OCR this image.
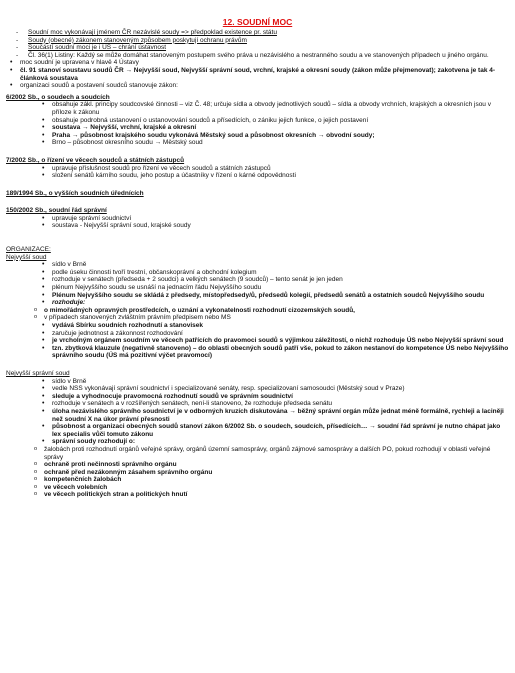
12. SOUDNÍ MOC
- Soudní moc vykonávají jménem ČR nezávislé soudy => předpoklad existence pr. státu
- Soudy (obecné) zákonem stanoveným způsobem poskytují ochranu právům
- Součástí soudní moci je i ÚS – chrání ústavnost
- Čl. 36(1) Listiny: Každý se může domáhat stanoveným postupem svého práva u nezávislého a nestranného soudu a ve stanovených případech u jiného orgánu.
• moc soudní je upravena v hlavě 4 Ústavy
• čl. 91 stanoví soustavu soudů ČR → Nejvyšší soud, Nejvyšší správní soud, vrchní, krajské a okresní soudy (zákon může přejmenovat); zakotvena je tak 4-článková soustava
• organizaci soudů a postavení soudců stanovuje zákon:
6/2002 Sb., o soudech a soudcích
• obsahuje zákl. principy soudcovské činnosti – viz Č. 48; určuje sídla a obvody jednotlivých soudů – sídla a obvody vrchních, krajských a okresních jsou v příloze k zákonu
• obsahuje podrobná ustanovení o ustanovování soudců a přísedících, o zániku jejich funkce, o jejich postavení
• soustava → Nejvyšší, vrchní, krajské a okresní
• Praha → působnost krajského soudu vykonává Městský soud a působnost okresních → obvodní soudy;
• Brno – působnost okresního soudu → Městský soud
7/2002 Sb., o řízení ve věcech soudců a státních zástupců
• upravuje příslušnost soudů pro řízení ve věcech soudců a státních zástupců
• složení senátů kárního soudu, jeho postup a účastníky v řízení o kárné odpovědnosti
189/1994 Sb., o vyšších soudních úřednících
150/2002 Sb., soudní řád správní
• upravuje správní soudnictví
• soustava - Nejvyšší správní soud, krajské soudy
ORGANIZACE:
Nejvyšší soud
• sídlo v Brně
• podle úseku činnosti tvoří trestní, občanskoprávní a obchodní kolegium
• rozhoduje v senátech (předseda + 2 soudci) a velkých senátech (9 soudců) – tento senát je jen jeden
• plénum Nejvyššího soudu se usnáší na jednacím řádu Nejvyššího soudu
• Plénum Nejvyššího soudu se skládá z předsedy, místopředsedy/ů, předsedů kolegií, předsedů senátů a ostatních soudců Nejvyššího soudu
• rozhoduje:
o o mimořádných opravných prostředcích, o uznání a vykonatelnosti rozhodnutí cizozemských soudů,
o v případech stanovených zvláštním právním předpisem nebo MS
• vydává Sbírku soudních rozhodnutí a stanovisek
• zaručuje jednotnost a zákonnost rozhodování
• je vrcholným orgánem soudním ve věcech patřících do pravomoci soudů s výjimkou záležitostí, o nichž rozhoduje ÚS nebo Nejvyšší správní soud
• tzn. zbytková klauzule (negativně stanoveno) – do oblasti obecných soudů patří vše, pokud to zákon nestanoví do kompetence ÚS nebo Nejvyššího správního soudu (ÚS má pozitivní výčet pravomocí)
Nejvyšší správní soud
• sídlo v Brně
• vedle NSS vykonávají správní soudnictví i specializované senáty, resp. specializovaní samosoudci (Městský soud v Praze)
• sleduje a vyhodnocuje pravomocná rozhodnutí soudů ve správním soudnictví
• rozhoduje v senátech a v rozšířených senátech, není-li stanoveno, že rozhoduje předseda senátu
• úloha nezávislého správního soudnictví je v odborných kruzích diskutována → běžný správní orgán může jednat méně formálně, rychleji a laciněji než soudní X na úkor právní přesnosti
• působnost a organizaci obecných soudů stanoví zákon 6/2002 Sb. o soudech, soudcích, přísedících… → soudní řád správní je nutno chápat jako lex specialis vůči tomuto zákonu
• správní soudy rozhodují o:
o žalobách proti rozhodnutí orgánů veřejné správy, orgánů územní samosprávy, orgánů zájmové samosprávy a dalších PO, pokud rozhodují v oblasti veřejné správy
o ochraně proti nečinnosti správního orgánu
o ochraně před nezákonným zásahem správního orgánu
o kompetenčních žalobách
o ve věcech volebních
o ve věcech politických stran a politických hnutí
